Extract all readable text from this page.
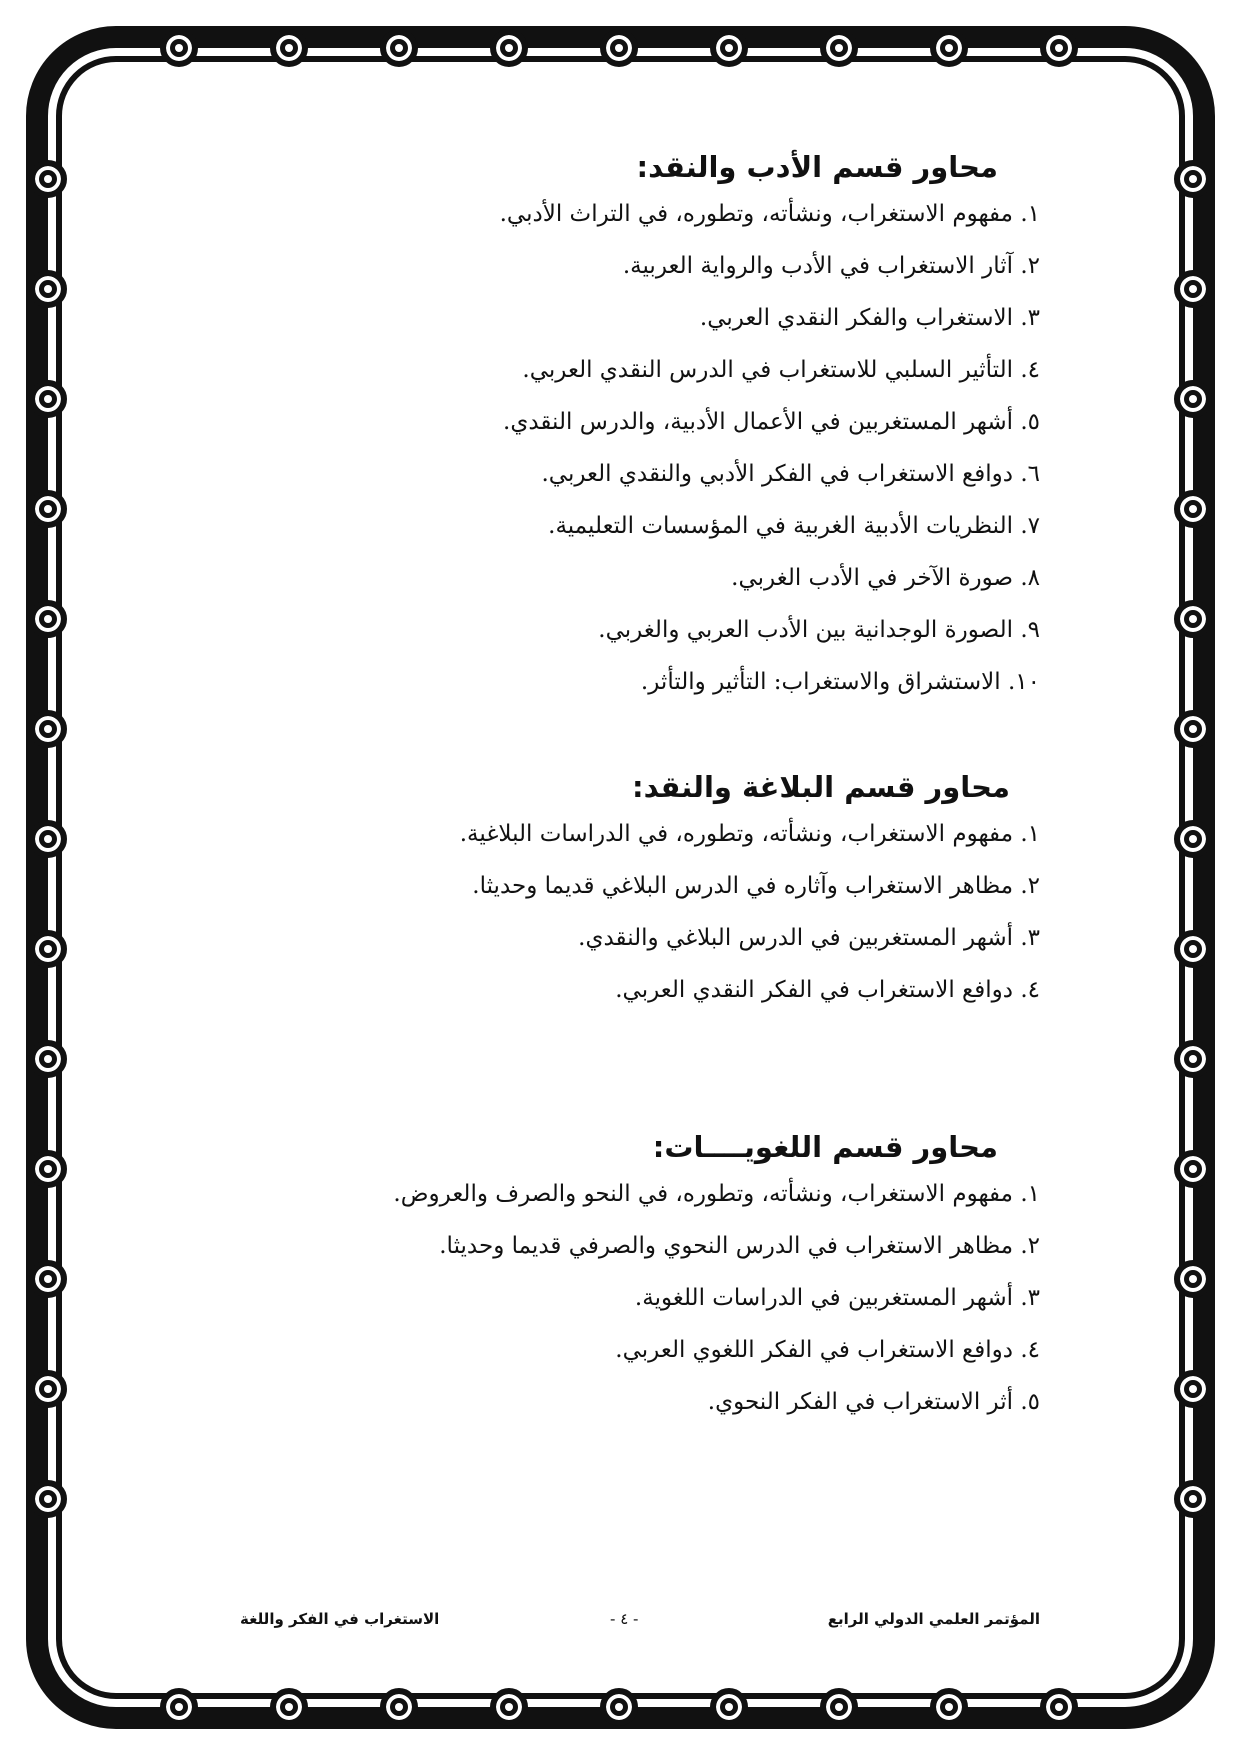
محاور قسم الأدب والنقد:

١. مفهوم الاستغراب، ونشأته، وتطوره، في التراث الأدبي.

٢. آثار الاستغراب في الأدب والرواية العربية.

٣. الاستغراب والفكر النقدي العربي.

٤. التأثير السلبي للاستغراب في الدرس النقدي العربي.

٥. أشهر المستغربين في الأعمال الأدبية، والدرس النقدي.

٦. دوافع الاستغراب في الفكر الأدبي والنقدي العربي.

٧. النظريات الأدبية الغربية في المؤسسات التعليمية.

٨. صورة الآخر في الأدب الغربي.

٩. الصورة الوجدانية بين الأدب العربي والغربي.

١٠. الاستشراق والاستغراب: التأثير والتأثر.

محاور قسم البلاغة والنقد:

١. مفهوم الاستغراب، ونشأته، وتطوره، في الدراسات البلاغية.

٢. مظاهر الاستغراب وآثاره في الدرس البلاغي قديما وحديثا.

٣. أشهر المستغربين في الدرس البلاغي والنقدي.

٤. دوافع الاستغراب في الفكر النقدي العربي.

محاور قسم اللغويــــات:

١. مفهوم الاستغراب، ونشأته، وتطوره، في النحو والصرف والعروض.

٢. مظاهر الاستغراب في الدرس النحوي والصرفي قديما وحديثا.

٣. أشهر المستغربين في الدراسات اللغوية.

٤. دوافع الاستغراب في الفكر اللغوي العربي.

٥. أثر الاستغراب في الفكر النحوي.

المؤتمر العلمي الدولي الرابع
- ٤ -
الاستغراب في الفكر واللغة
